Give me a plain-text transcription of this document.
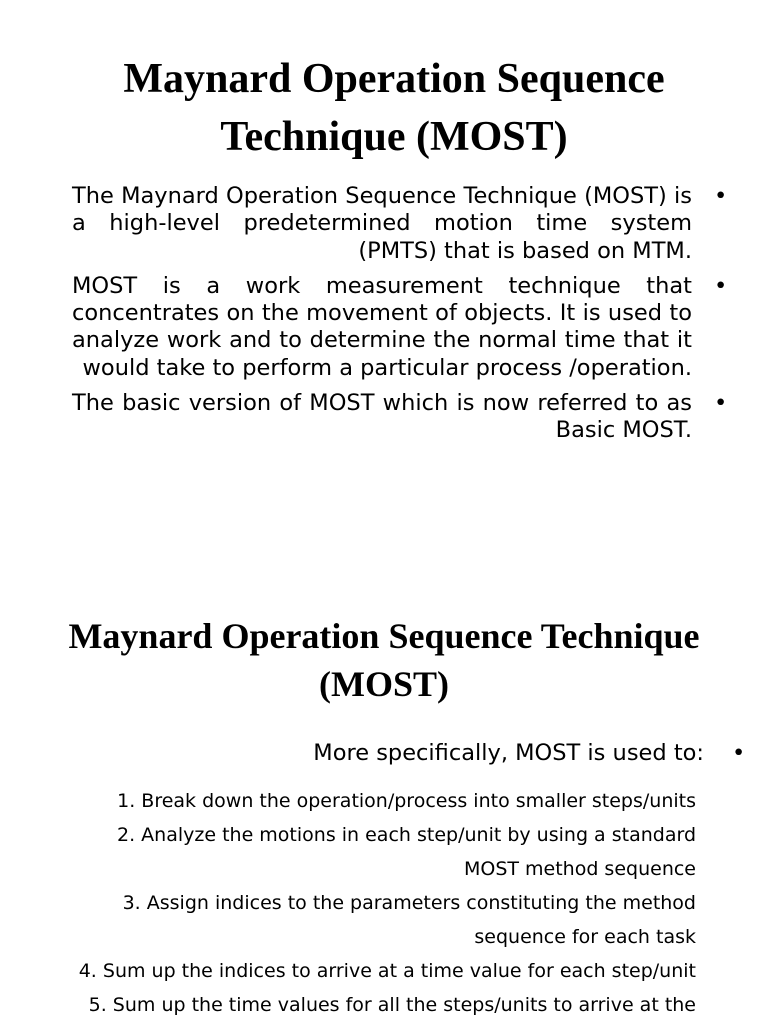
Maynard Operation Sequence
Technique (MOST)
The Maynard Operation Sequence Technique (MOST) is a high-level predetermined motion time system (PMTS) that is based on MTM.
•
MOST is a work measurement technique that concentrates on the movement of objects. It is used to analyze work and to determine the normal time that it would take to perform a particular process /operation.
•
The basic version of MOST which is now referred to as Basic MOST.
•
Maynard Operation Sequence Technique
(MOST)
More specifically, MOST is used to: •
1. Break down the operation/process into smaller steps/units
2. Analyze the motions in each step/unit by using a standard
MOST method sequence
3. Assign indices to the parameters constituting the method
sequence for each task
4. Sum up the indices to arrive at a time value for each step/unit
5. Sum up the time values for all the steps/units to arrive at the
